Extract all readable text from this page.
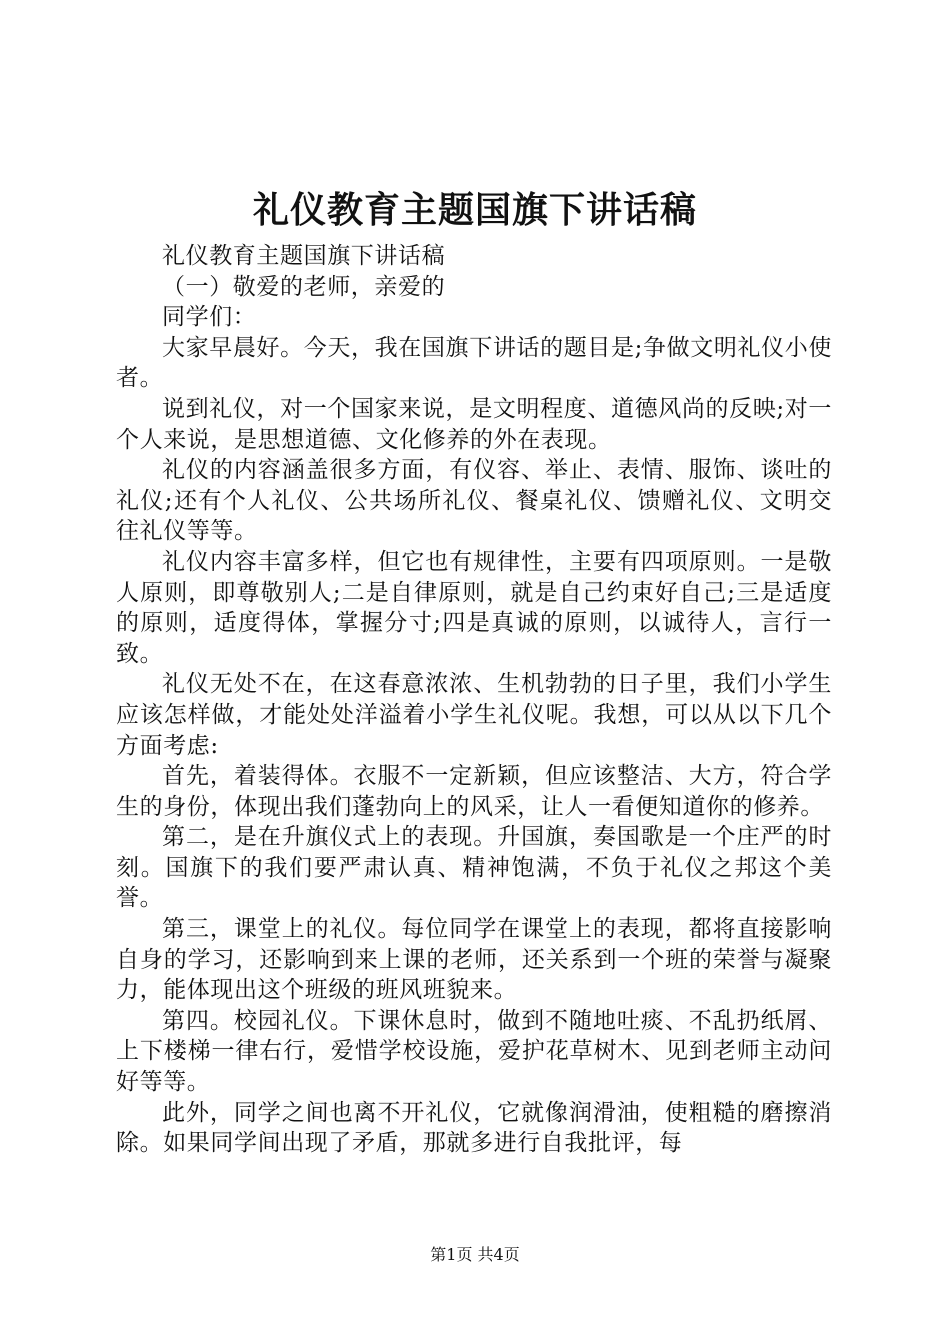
礼仪教育主题国旗下讲话稿

礼仪教育主题国旗下讲话稿

（一）敬爱的老师，亲爱的

同学们：

大家早晨好。今天，我在国旗下讲话的题目是;争做文明礼仪小使者。

说到礼仪，对一个国家来说，是文明程度、道德风尚的反映;对一个人来说，是思想道德、文化修养的外在表现。

礼仪的内容涵盖很多方面，有仪容、举止、表情、服饰、谈吐的礼仪;还有个人礼仪、公共场所礼仪、餐桌礼仪、馈赠礼仪、文明交往礼仪等等。

礼仪内容丰富多样，但它也有规律性，主要有四项原则。一是敬人原则，即尊敬别人;二是自律原则，就是自己约束好自己;三是适度的原则，适度得体，掌握分寸;四是真诚的原则，以诚待人，言行一致。

礼仪无处不在，在这春意浓浓、生机勃勃的日子里，我们小学生应该怎样做，才能处处洋溢着小学生礼仪呢。我想，可以从以下几个方面考虑:

首先，着装得体。衣服不一定新颖，但应该整洁、大方，符合学生的身份，体现出我们蓬勃向上的风采，让人一看便知道你的修养。

第二，是在升旗仪式上的表现。升国旗，奏国歌是一个庄严的时刻。国旗下的我们要严肃认真、精神饱满，不负于礼仪之邦这个美誉。

第三，课堂上的礼仪。每位同学在课堂上的表现，都将直接影响自身的学习，还影响到来上课的老师，还关系到一个班的荣誉与凝聚力，能体现出这个班级的班风班貌来。

第四。校园礼仪。下课休息时，做到不随地吐痰、不乱扔纸屑、上下楼梯一律右行，爱惜学校设施，爱护花草树木、见到老师主动问好等等。

此外，同学之间也离不开礼仪，它就像润滑油，使粗糙的磨擦消除。如果同学间出现了矛盾，那就多进行自我批评，每

第1页 共4页
